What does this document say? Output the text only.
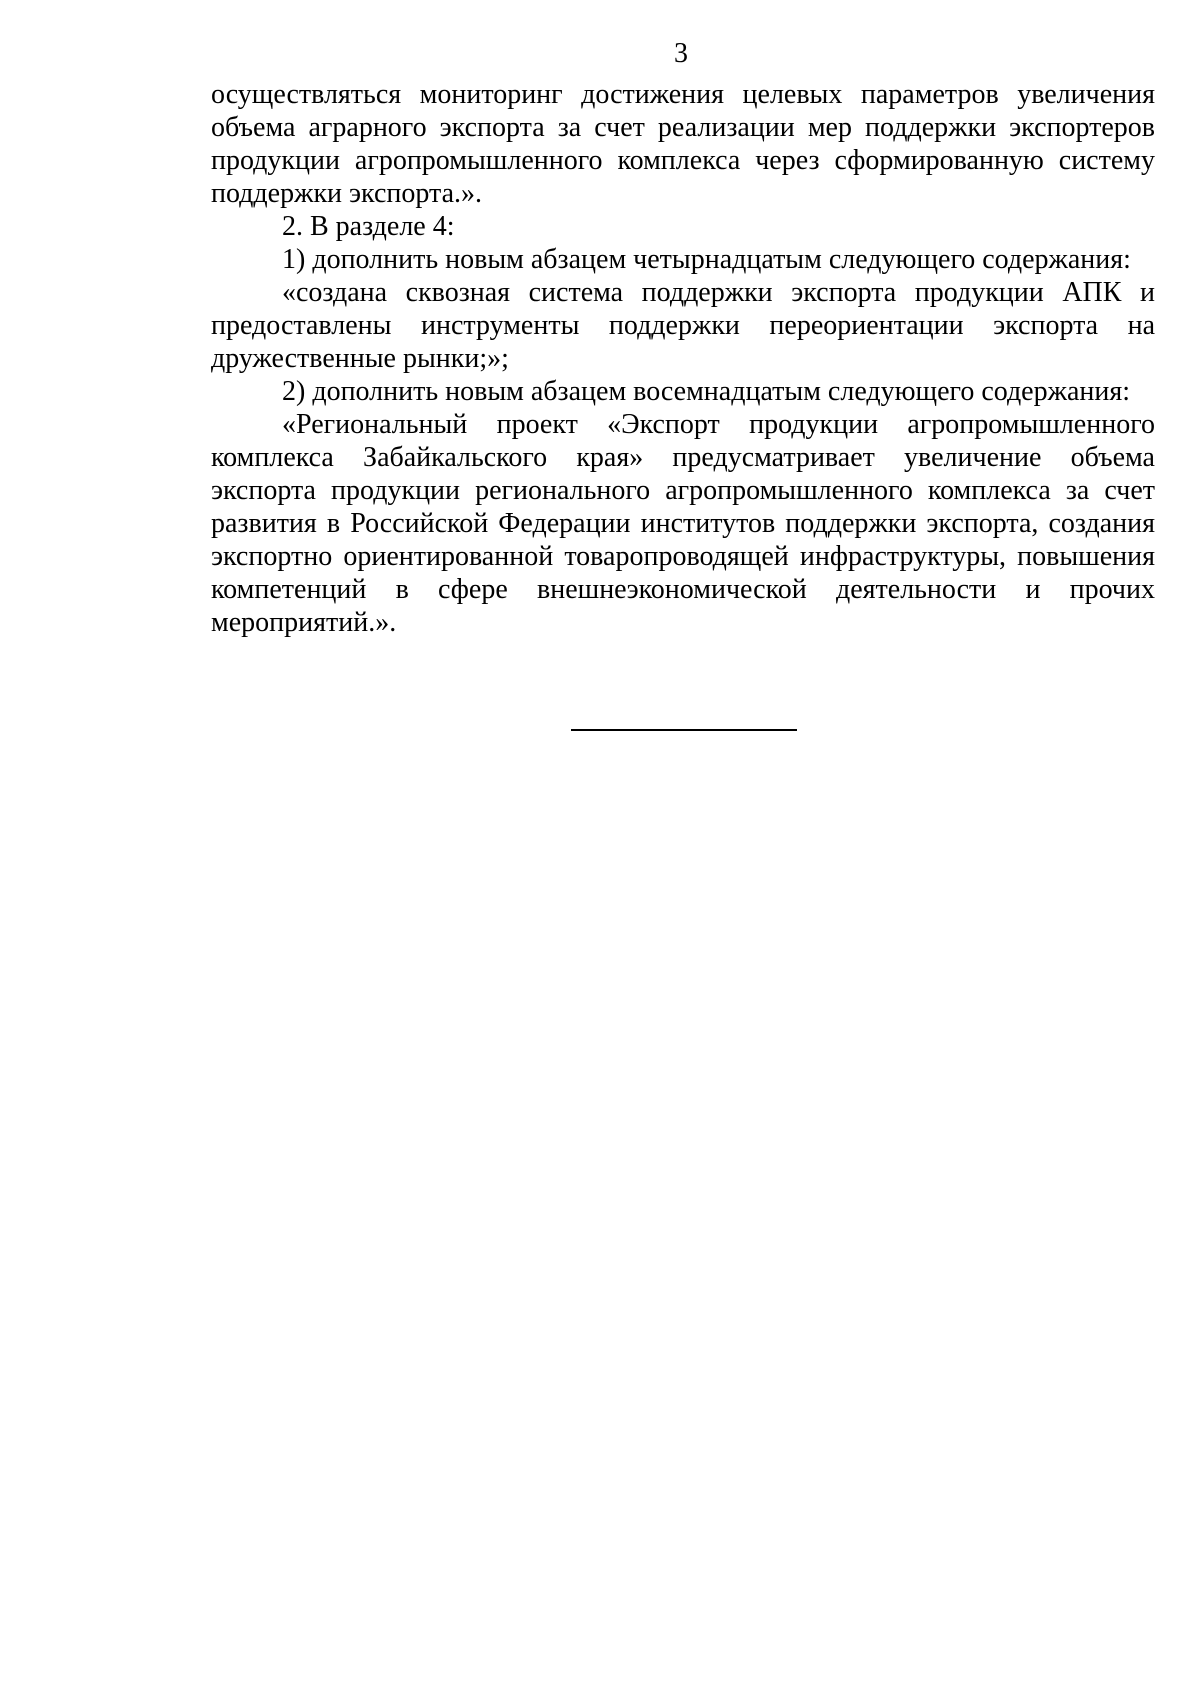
3

осуществляться мониторинг достижения целевых параметров увеличения объема аграрного экспорта за счет реализации мер поддержки экспортеров продукции агропромышленного комплекса через сформированную систему поддержки экспорта.».

2. В разделе 4:

1) дополнить новым абзацем четырнадцатым следующего содержания:

«создана сквозная система поддержки экспорта продукции АПК и предоставлены инструменты поддержки переориентации экспорта на дружественные рынки;»;

2) дополнить новым абзацем восемнадцатым следующего содержания:

«Региональный проект «Экспорт продукции агропромышленного комплекса Забайкальского края» предусматривает увеличение объема экспорта продукции регионального агропромышленного комплекса за счет развития в Российской Федерации институтов поддержки экспорта, создания экспортно ориентированной товаропроводящей инфраструктуры, повышения компетенций в сфере внешнеэкономической деятельности и прочих мероприятий.».
